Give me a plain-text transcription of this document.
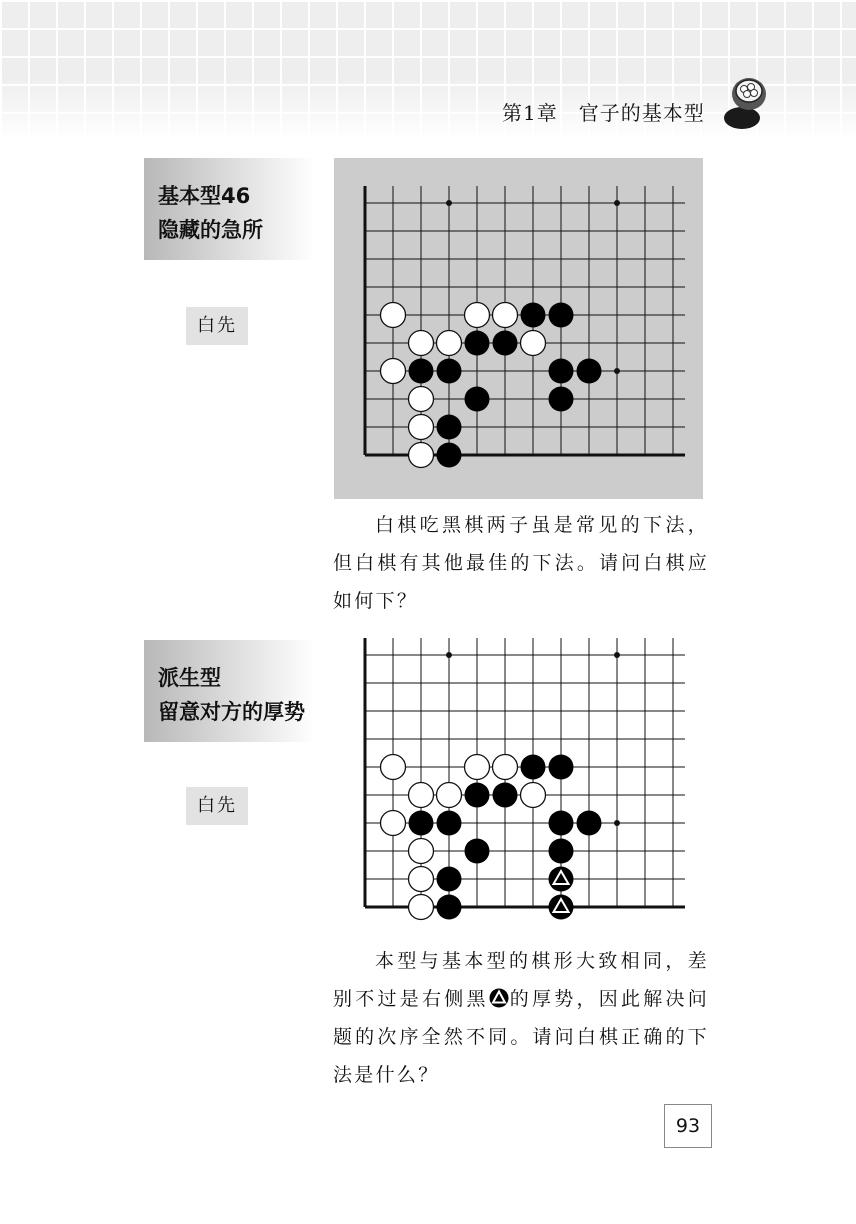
第1章　官子的基本型
基本型46
隐藏的急所
白先
白棋吃黑棋两子虽是常见的下法，但白棋有其他最佳的下法。请问白棋应如何下？
派生型
留意对方的厚势
白先
本型与基本型的棋形大致相同，差别不过是右侧黑 的厚势，因此解决问题的次序全然不同。请问白棋正确的下法是什么？
93
